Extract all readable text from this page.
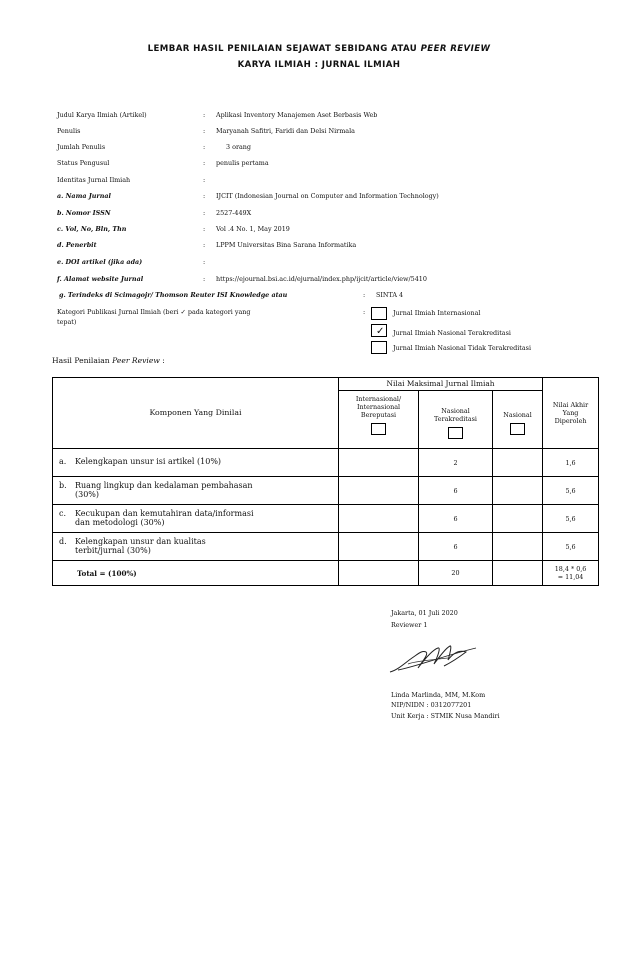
LEMBAR HASIL PENILAIAN SEJAWAT SEBIDANG ATAU PEER REVIEW
KARYA ILMIAH : JURNAL ILMIAH
Judul Karya Ilmiah (Artikel)	: Aplikasi Inventory Manajemen Aset Berbasis Web
Penulis	: Maryanah Safitri, Faridi dan Delsi Nirmala
Jumlah Penulis	:	3 orang
Status Pengusul	: penulis pertama
Identitas Jurnal Ilmiah	:
a. Nama Jurnal	: IJCIT (Indonesian Journal on Computer and Information Technology)
b. Nomor ISSN	: 2527-449X
c. Vol, No, Bln, Thn	: Vol .4 No. 1, May 2019
d. Penerbit	: LPPM Universitas Bina Sarana Informatika
e. DOI artikel (jika ada)	:
f. Alamat website Jurnal	: https://ejournal.bsi.ac.id/ejurnal/index.php/ijcit/article/view/5410
g. Terindeks di Scimagojr/ Thomson Reuter ISI Knowledge atau	: SINTA 4
Kategori Publikasi Jurnal Ilmiah (beri ✓ pada kategori yang
tepat)
:	Jurnal Ilmiah Internasional
✓ Jurnal Ilmiah Nasional Terakreditasi
Jurnal Ilmiah Nasional Tidak Terakreditasi
Hasil Penilaian Peer Review :
Komponen Yang Dinilai	Nilai Maksimal Jurnal Ilmiah			Nilai Akhir Yang Diperoleh

	Internasional/ Internasional Bereputasi	Nasional Terakreditasi	Nasional	

a. Kelengkapan unsur isi artikel (10%)		2		1,6
b. Ruang lingkup dan kedalaman pembahasan
(30%)		6		5,6
c. Kecukupan dan kemutahiran data/informasi
dan metodologi (30%)		6		5,6
d. Kelengkapan unsur dan kualitas
terbit/jurnal (30%)		6		5,6
Total = (100%)		20		18,4 * 0,6
= 11,04
Jakarta, 01 Juli 2020
Reviewer 1
Linda Marlinda, MM, M.Kom
NIP/NIDN : 0312077201
Unit Kerja : STMIK Nusa Mandiri
